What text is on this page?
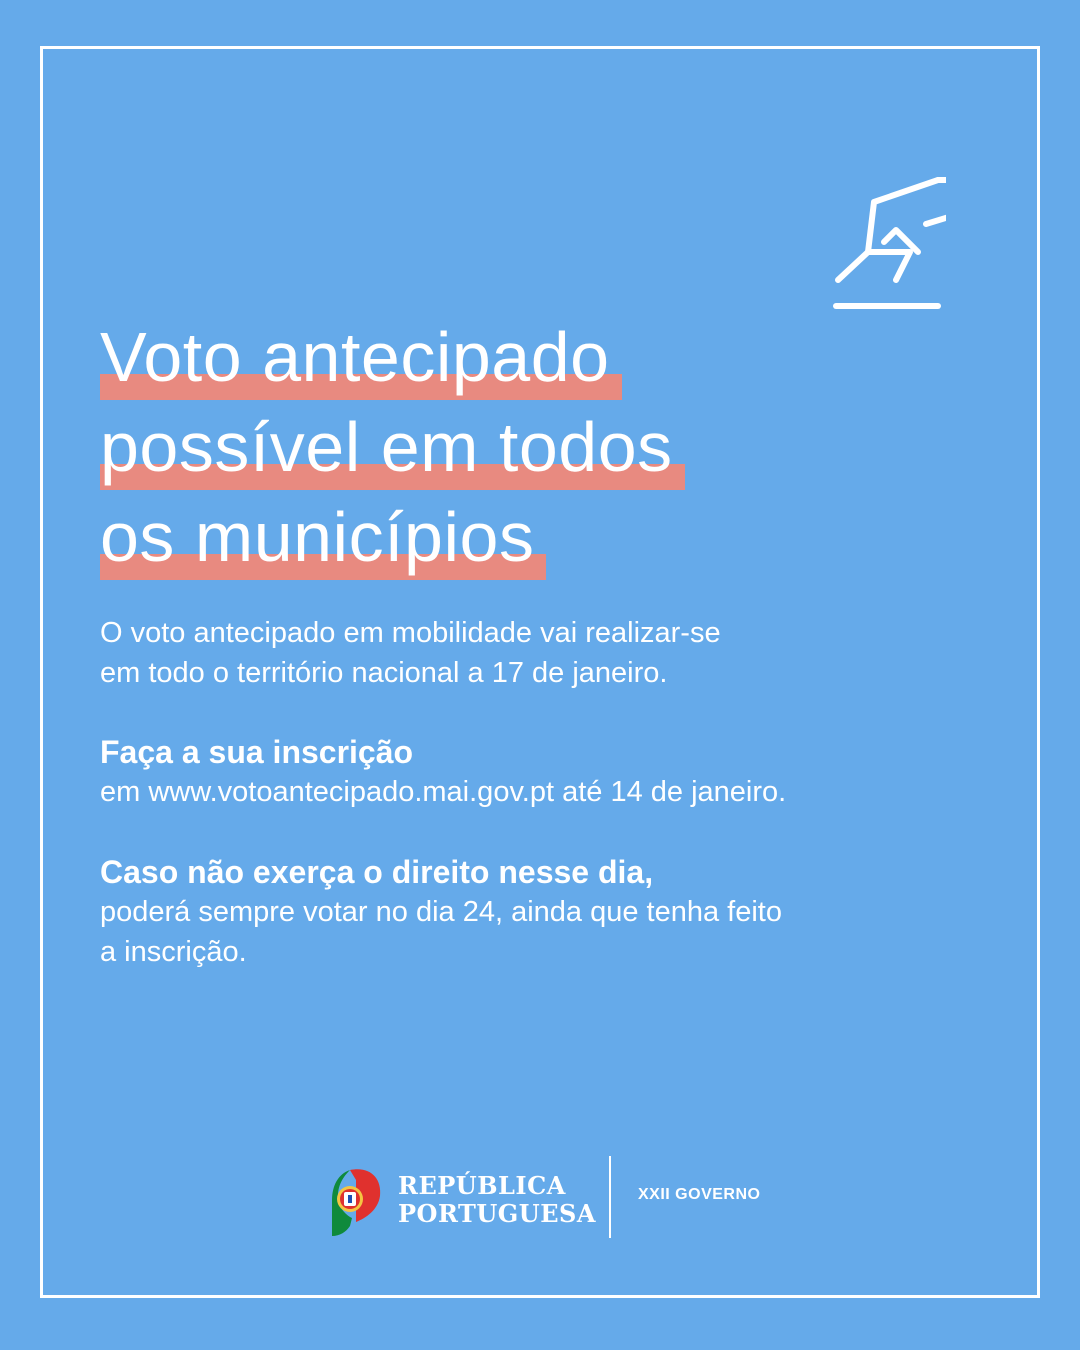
Voto antecipado
possível em todos
os municípios
O voto antecipado em mobilidade vai realizar-se
em todo o território nacional a 17 de janeiro.
Faça a sua inscrição
em www.votoantecipado.mai.gov.pt até 14 de janeiro.
Caso não exerça o direito nesse dia,
poderá sempre votar no dia 24, ainda que tenha feito
a inscrição.
REPÚBLICA
PORTUGUESA
XXII GOVERNO
